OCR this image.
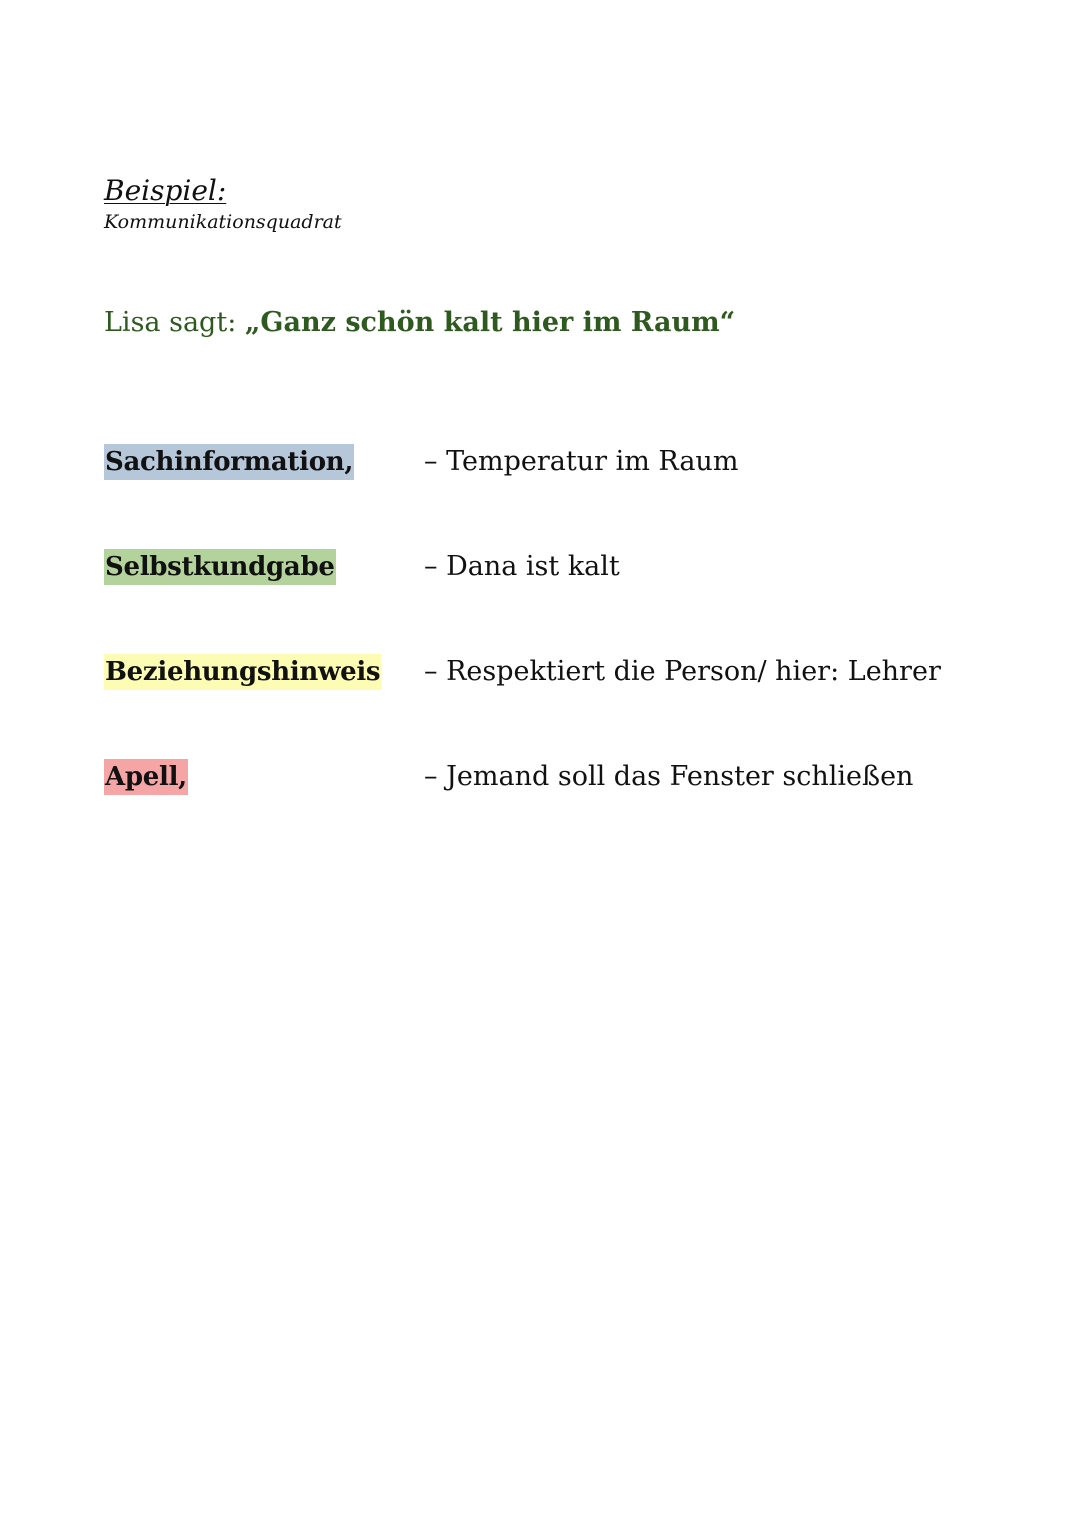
Beispiel:
Kommunikationsquadrat
Lisa sagt: „Ganz schön kalt hier im Raum“
Sachinformation,	– Temperatur im Raum
Selbstkundgabe	– Dana ist kalt
Beziehungshinweis – Respektiert die Person/ hier: Lehrer
Apell,	– Jemand soll das Fenster schließen
